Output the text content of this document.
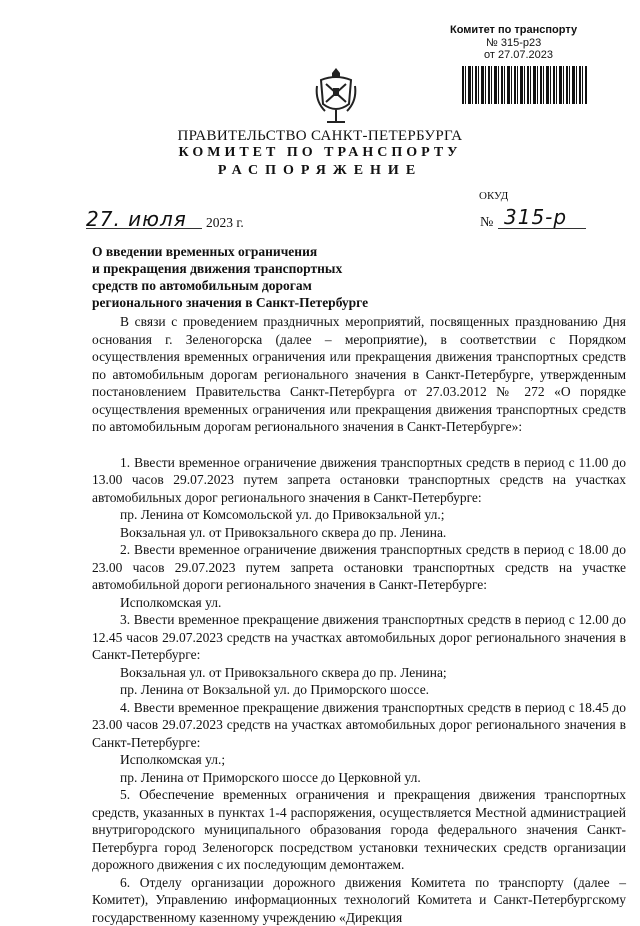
Комитет по транспорту
№ 315-р23
от 27.07.2023
ПРАВИТЕЛЬСТВО САНКТ-ПЕТЕРБУРГА
КОМИТЕТ ПО ТРАНСПОРТУ
РАСПОРЯЖЕНИЕ
ОКУД
27. июля 2023 г.	№ 315-р
О введении временных ограничения
и прекращения движения транспортных
средств по автомобильным дорогам
регионального значения в Санкт-Петербурге

В связи с проведением праздничных мероприятий, посвященных празднованию Дня основания г. Зеленогорска (далее – мероприятие), в соответствии с Порядком осуществления временных ограничения или прекращения движения транспортных средств по автомобильным дорогам регионального значения в Санкт-Петербурге, утвержденным постановлением Правительства Санкт-Петербурга от 27.03.2012 № 272 «О порядке осуществления временных ограничения или прекращения движения транспортных средств по автомобильным дорогам регионального значения в Санкт-Петербурге»:

1. Ввести временное ограничение движения транспортных средств в период с 11.00 до 13.00 часов 29.07.2023 путем запрета остановки транспортных средств на участках автомобильных дорог регионального значения в Санкт-Петербурге:

пр. Ленина от Комсомольской ул. до Привокзальной ул.;

Вокзальная ул. от Привокзального сквера до пр. Ленина.

2. Ввести временное ограничение движения транспортных средств в период с 18.00 до 23.00 часов 29.07.2023 путем запрета остановки транспортных средств на участке автомобильной дороги регионального значения в Санкт-Петербурге:

Исполкомская ул.

3. Ввести временное прекращение движения транспортных средств в период с 12.00 до 12.45 часов 29.07.2023 средств на участках автомобильных дорог регионального значения в Санкт-Петербурге:

Вокзальная ул. от Привокзального сквера до пр. Ленина;

пр. Ленина от Вокзальной ул. до Приморского шоссе.

4. Ввести временное прекращение движения транспортных средств в период с 18.45 до 23.00 часов 29.07.2023 средств на участках автомобильных дорог регионального значения в Санкт-Петербурге:

Исполкомская ул.;

пр. Ленина от Приморского шоссе до Церковной ул.

5. Обеспечение временных ограничения и прекращения движения транспортных средств, указанных в пунктах 1-4 распоряжения, осуществляется Местной администрацией внутригородского муниципального образования города федерального значения Санкт-Петербурга город Зеленогорск посредством установки технических средств организации дорожного движения с их последующим демонтажем.

6. Отделу организации дорожного движения Комитета по транспорту (далее – Комитет), Управлению информационных технологий Комитета и Санкт-Петербургскому государственному казенному учреждению «Дирекция
